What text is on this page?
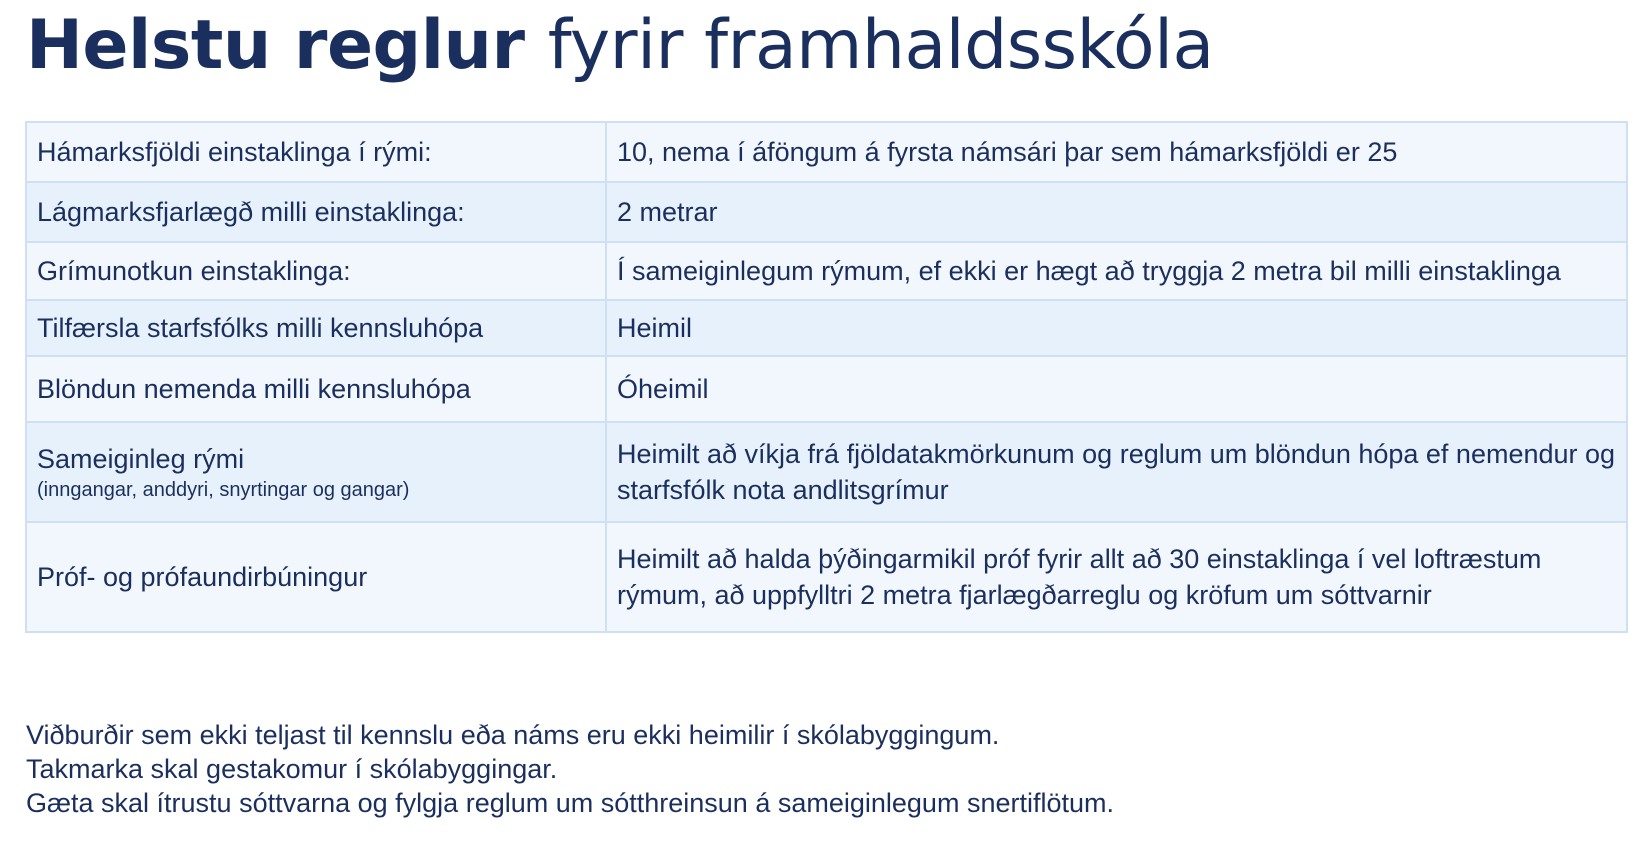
Helstu reglur fyrir framhaldsskóla
Hámarksfjöldi einstaklinga í rými:	10, nema í áföngum á fyrsta námsári þar sem hámarksfjöldi er 25
Lágmarksfjarlægð milli einstaklinga:	2 metrar
Grímunotkun einstaklinga:	Í sameiginlegum rýmum, ef ekki er hægt að tryggja 2 metra bil milli einstaklinga
Tilfærsla starfsfólks milli kennsluhópa	Heimil
Blöndun nemenda milli kennsluhópa	Óheimil
Sameiginleg rými
(inngangar, anddyri, snyrtingar og gangar)	Heimilt að víkja frá fjöldatakmörkunum og reglum um blöndun hópa ef nemendur og starfsfólk nota andlitsgrímur
Próf- og prófaundirbúningur	Heimilt að halda þýðingarmikil próf fyrir allt að 30 einstaklinga í vel loftræstum rýmum, að uppfylltri 2 metra fjarlægðarreglu og kröfum um sóttvarnir
Viðburðir sem ekki teljast til kennslu eða náms eru ekki heimilir í skólabyggingum.
Takmarka skal gestakomur í skólabyggingar.
Gæta skal ítrustu sóttvarna og fylgja reglum um sótthreinsun á sameiginlegum snertiflötum.
